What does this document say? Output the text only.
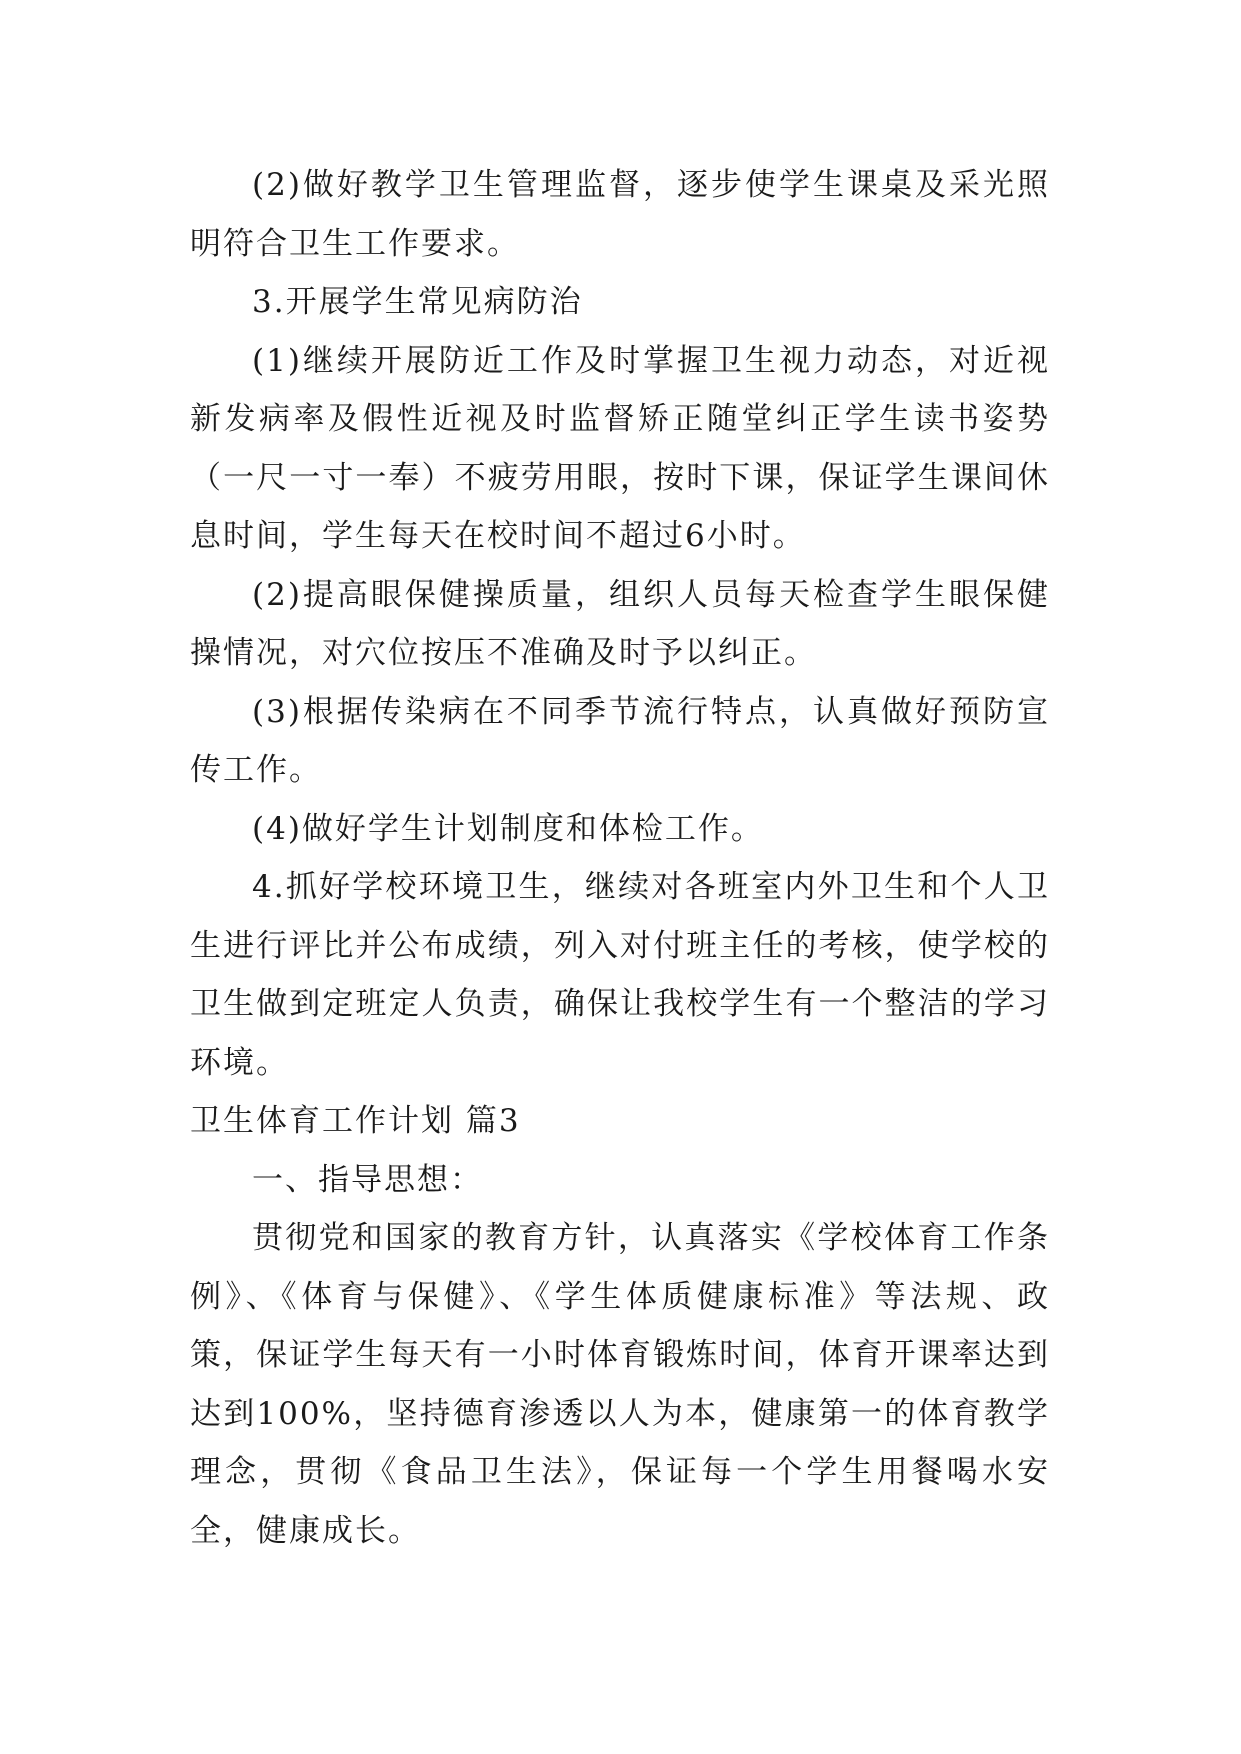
(2)做好教学卫生管理监督，逐步使学生课桌及采光照明符合卫生工作要求。

3.开展学生常见病防治

(1)继续开展防近工作及时掌握卫生视力动态，对近视新发病率及假性近视及时监督矫正随堂纠正学生读书姿势（一尺一寸一奉）不疲劳用眼，按时下课，保证学生课间休息时间，学生每天在校时间不超过6小时。

(2)提高眼保健操质量，组织人员每天检查学生眼保健操情况，对穴位按压不准确及时予以纠正。

(3)根据传染病在不同季节流行特点，认真做好预防宣传工作。

(4)做好学生计划制度和体检工作。

4.抓好学校环境卫生，继续对各班室内外卫生和个人卫生进行评比并公布成绩，列入对付班主任的考核，使学校的卫生做到定班定人负责，确保让我校学生有一个整洁的学习环境。

卫生体育工作计划 篇3

一、指导思想：

贯彻党和国家的教育方针，认真落实《学校体育工作条例》、《体育与保健》、《学生体质健康标准》等法规、政策，保证学生每天有一小时体育锻炼时间，体育开课率达到达到100%，坚持德育渗透以人为本，健康第一的体育教学理念，贯彻《食品卫生法》，保证每一个学生用餐喝水安全，健康成长。
